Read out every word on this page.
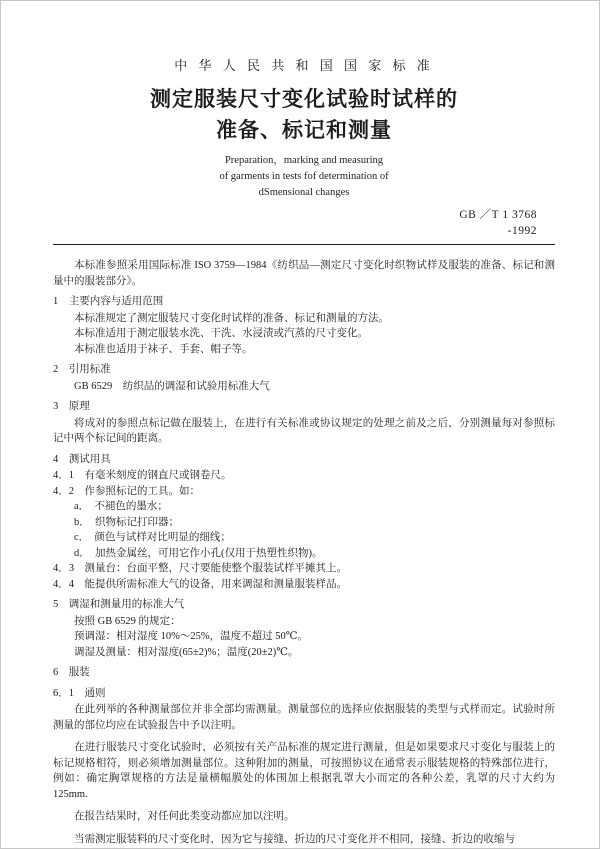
中 华 人 民 共 和 国 国 家 标 准
测定服装尺寸变化试验时试样的
准备、标记和测量
Preparation，marking and measuring
of garments in tests fof determination of
dSmensional changes
GB ／T 1 3768
-1992
本标准参照采用国际标准 ISO 3759—1984《纺织品—测定尺寸变化时织物试样及服装的准备、标记和测量中的服装部分》。
1　主要内容与适用范围
本标准规定了测定服装尺寸变化时试样的准备、标记和测量的方法。
本标准适用于测定服装水洗、干洗、水浸渍或汽蒸的尺寸变化。
本标准也适用于袜子、手套、帽子等。
2　引用标准
GB 6529　纺织品的调湿和试验用标准大气
3　原理
将成对的参照点标记做在服装上，在进行有关标准或协议规定的处理之前及之后，分别测量每对参照标记中两个标记间的距离。
4　测试用具
4．1　有毫米刻度的钢直尺或钢卷尺。
4．2　作参照标记的工具。如：
a．　不褪色的墨水；
b．　织物标记打印器；
c．　颜色与试样对比明显的细线；
d．　加热金属丝，可用它作小孔(仅用于热塑性织物)。
4．3　测量台：台面平整，尺寸要能使整个服装试样平摊其上。
4．4　能提供所需标准大气的设备，用来调湿和测量服装样品。
5　调湿和测量用的标准大气
按照 GB 6529 的规定：
预调湿：相对湿度 10%～25%，温度不超过 50℃。
调湿及测量：相对湿度(65±2)%；温度(20±2)℃。
6　服装
6．1　通则
在此列举的各种测量部位并非全部均需测量。测量部位的选择应依据服装的类型与式样而定。试验时所测量的部位均应在试验报告中予以注明。
在进行服装尺寸变化试验时，必须按有关产品标准的规定进行测量，但是如果要求尺寸变化与服装上的标记规格相符，则必须增加测量部位。这种附加的测量，可按照协议在通常表示服装规格的特殊部位进行，例如：确定胸罩规格的方法是量横幅膜处的体围加上根据乳罩大小而定的各种公差，乳罩的尺寸大约为 125mm.
在报告结果时，对任何此类变动都应加以注明。
当需测定服装料的尺寸变化时，因为它与接缝、折边的尺寸变化并不相同，接缝、折边的收缩与
